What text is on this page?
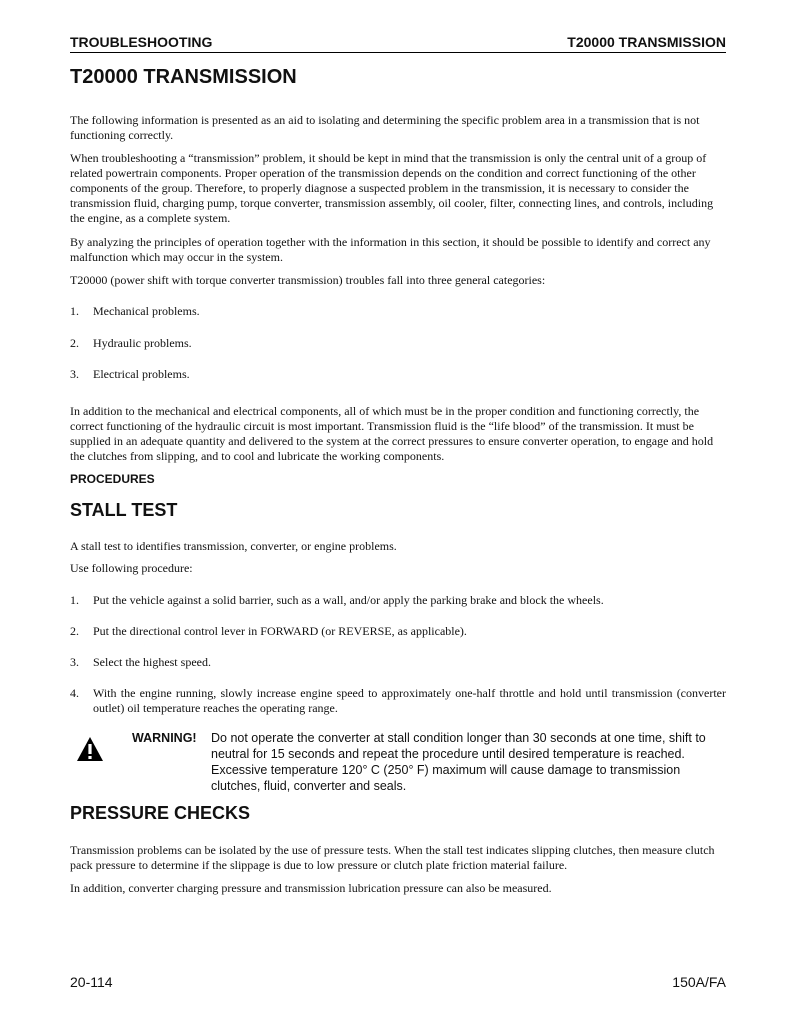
TROUBLESHOOTING	T20000 TRANSMISSION
T20000 TRANSMISSION

The following information is presented as an aid to isolating and determining the specific problem area in a transmission that is not functioning correctly.

When troubleshooting a “transmission” problem, it should be kept in mind that the transmission is only the central unit of a group of related powertrain components. Proper operation of the transmission depends on the condition and correct functioning of the other components of the group. Therefore, to properly diagnose a suspected problem in the transmission, it is necessary to consider the transmission fluid, charging pump, torque converter, transmission assembly, oil cooler, filter, connecting lines, and controls, including the engine, as a complete system.

By analyzing the principles of operation together with the information in this section, it should be possible to identify and correct any malfunction which may occur in the system.

T20000 (power shift with torque converter transmission) troubles fall into three general categories:

1. Mechanical problems.
2. Hydraulic problems.
3. Electrical problems.

In addition to the mechanical and electrical components, all of which must be in the proper condition and functioning correctly, the correct functioning of the hydraulic circuit is most important. Transmission fluid is the “life blood” of the transmission. It must be supplied in an adequate quantity and delivered to the system at the correct pressures to ensure converter operation, to engage and hold the clutches from slipping, and to cool and lubricate the working components.

PROCEDURES
STALL TEST

A stall test to identifies transmission, converter, or engine problems.

Use following procedure:

1. Put the vehicle against a solid barrier, such as a wall, and/or apply the parking brake and block the wheels.
2. Put the directional control lever in FORWARD (or REVERSE, as applicable).
3. Select the highest speed.
4. With the engine running, slowly increase engine speed to approximately one-half throttle and hold until transmission (converter outlet) oil temperature reaches the operating range.
WARNING! Do not operate the converter at stall condition longer than 30 seconds at one time, shift to neutral for 15 seconds and repeat the procedure until desired temperature is reached. Excessive temperature 120° C (250° F) maximum will cause damage to transmission clutches, fluid, converter and seals.
PRESSURE CHECKS

Transmission problems can be isolated by the use of pressure tests. When the stall test indicates slipping clutches, then measure clutch pack pressure to determine if the slippage is due to low pressure or clutch plate friction material failure.

In addition, converter charging pressure and transmission lubrication pressure can also be measured.

20-114	150A/FA
